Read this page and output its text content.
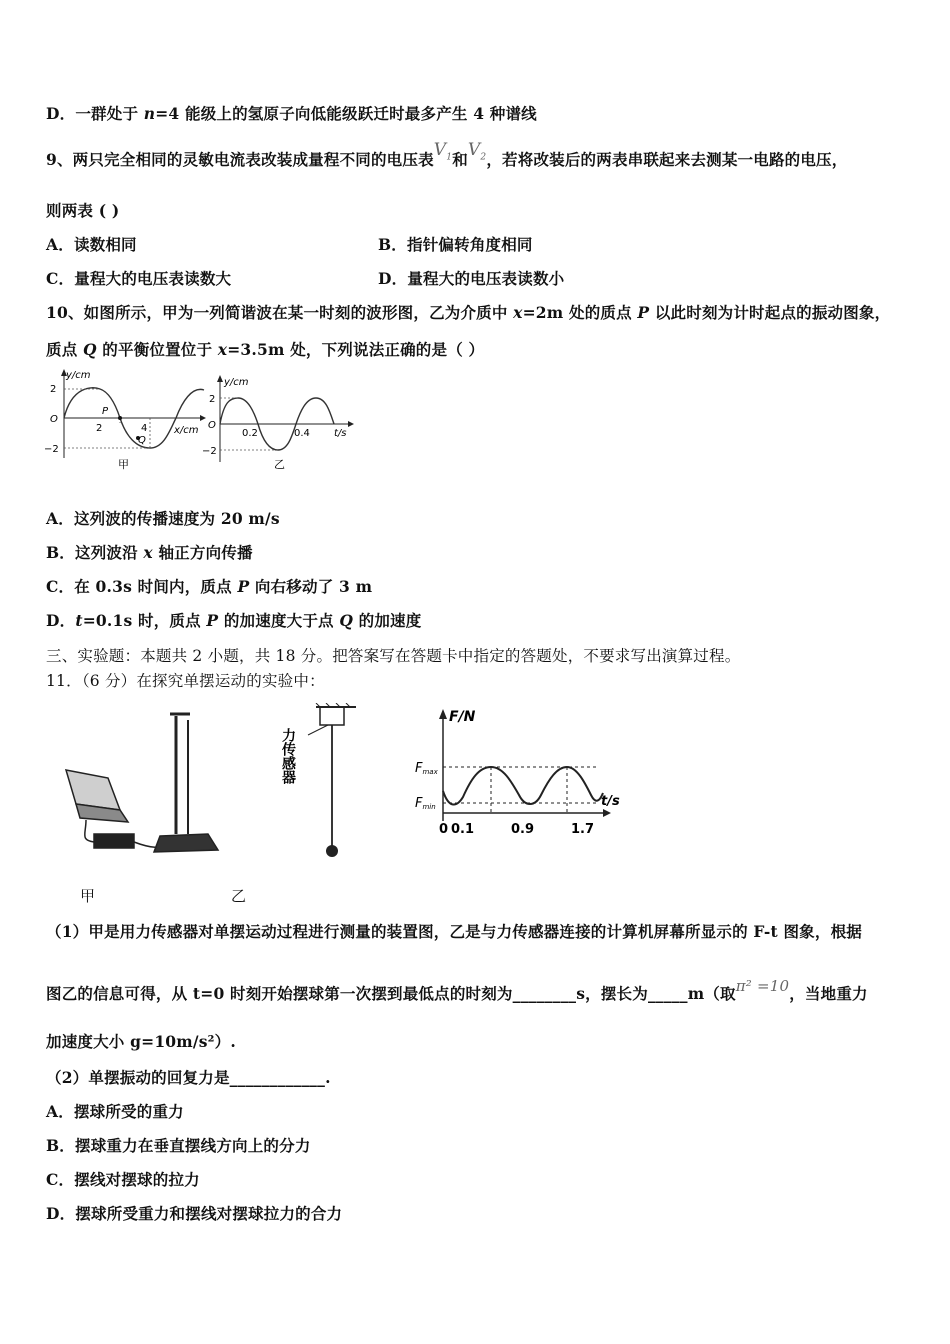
D．一群处于 n=4 能级上的氢原子向低能级跃迁时最多产生 4 种谱线
9、两只完全相同的灵敏电流表改装成量程不同的电压表$V_1$和$V_2$，若将改装后的两表串联起来去测某一电路的电压，
则两表 ( )
A．读数相同	B．指针偏转角度相同
C．量程大的电压表读数大	D．量程大的电压表读数小
10、如图所示，甲为一列简谐波在某一时刻的波形图，乙为介质中 x=2m 处的质点 P 以此时刻为计时起点的振动图象，
质点 Q 的平衡位置位于 x=3.5m 处，下列说法正确的是（ ）
y/cm
2
O
−2
2	4
P
Q
x/cm
甲
y/cm
2
O
−2
0.2	0.4 t/s
乙
A．这列波的传播速度为 20 m/s
B．这列波沿 x 轴正方向传播
C．在 0.3s 时间内，质点 P 向右移动了 3 m
D．t=0.1s 时，质点 P 的加速度大于点 Q 的加速度
三、实验题：本题共 2 小题，共 18 分。把答案写在答题卡中指定的答题处，不要求写出演算过程。
11．（6 分）在探究单摆运动的实验中：
力传感器
F/N
Fmax
Fmin	t/s
0 0.1	0.9	1.7
甲	乙
（1）甲是用力传感器对单摆运动过程进行测量的装置图，乙是与力传感器连接的计算机屏幕所显示的 F-t 图象，根据
图乙的信息可得，从 t=0 时刻开始摆球第一次摆到最低点的时刻为________s，摆长为_____m（取π² =10，当地重力
加速度大小 g=10m/s²）.
（2）单摆振动的回复力是____________.
A．摆球所受的重力
B．摆球重力在垂直摆线方向上的分力
C．摆线对摆球的拉力
D．摆球所受重力和摆线对摆球拉力的合力
